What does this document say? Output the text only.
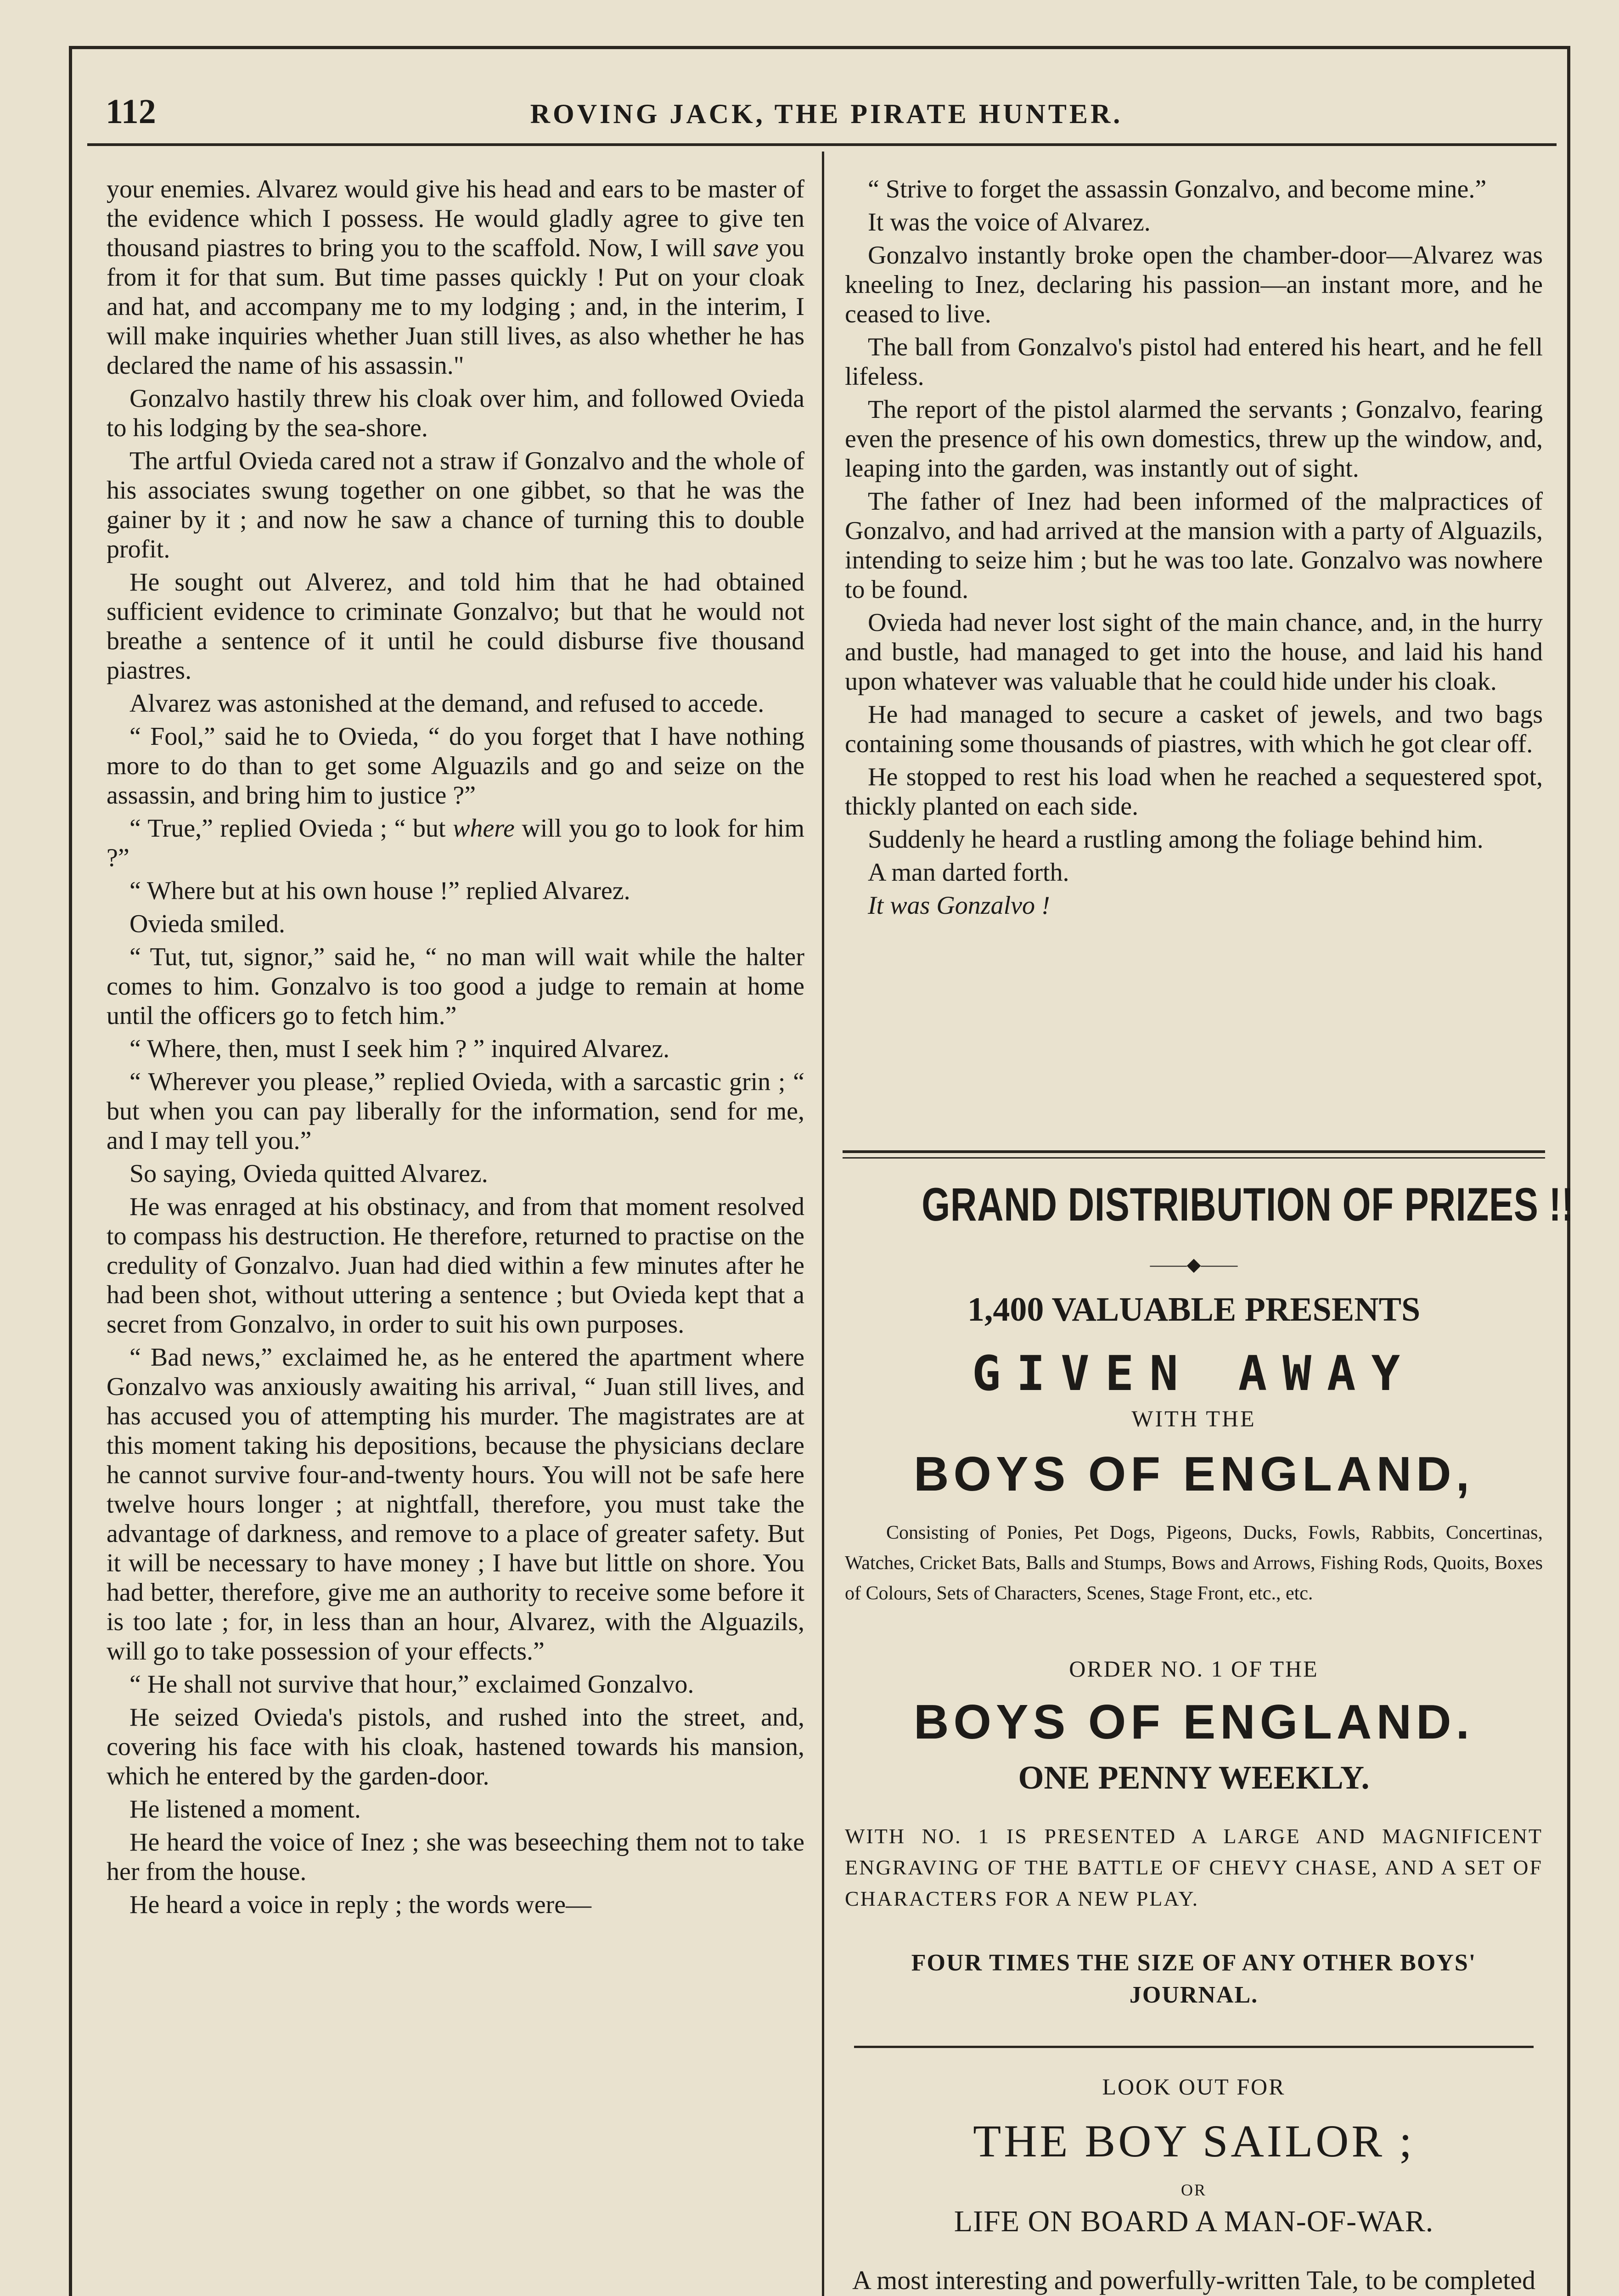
112	ROVING JACK, THE PIRATE HUNTER.

your enemies. Alvarez would give his head and ears to be master of the evidence which I possess. He would gladly agree to give ten thousand piastres to bring you to the scaffold. Now, I will save you from it for that sum. But time passes quickly ! Put on your cloak and hat, and accompany me to my lodging ; and, in the interim, I will make inquiries whether Juan still lives, as also whether he has declared the name of his assassin."

Gonzalvo hastily threw his cloak over him, and followed Ovieda to his lodging by the sea-shore.

The artful Ovieda cared not a straw if Gonzalvo and the whole of his associates swung together on one gibbet, so that he was the gainer by it ; and now he saw a chance of turning this to double profit.

He sought out Alverez, and told him that he had obtained sufficient evidence to criminate Gonzalvo; but that he would not breathe a sentence of it until he could disburse five thousand piastres.

Alvarez was astonished at the demand, and refused to accede.

“ Fool,” said he to Ovieda, “ do you forget that I have nothing more to do than to get some Alguazils and go and seize on the assassin, and bring him to justice ?”

“ True,” replied Ovieda ; “ but where will you go to look for him ?”

“ Where but at his own house !” replied Alvarez.

Ovieda smiled.

“ Tut, tut, signor,” said he, “ no man will wait while the halter comes to him. Gonzalvo is too good a judge to remain at home until the officers go to fetch him.”

“ Where, then, must I seek him ? ” inquired Alvarez.

“ Wherever you please,” replied Ovieda, with a sarcastic grin ; “ but when you can pay liberally for the information, send for me, and I may tell you.”

So saying, Ovieda quitted Alvarez.

He was enraged at his obstinacy, and from that moment resolved to compass his destruction. He therefore, returned to practise on the credulity of Gonzalvo. Juan had died within a few minutes after he had been shot, without uttering a sentence ; but Ovieda kept that a secret from Gonzalvo, in order to suit his own purposes.

“ Bad news,” exclaimed he, as he entered the apartment where Gonzalvo was anxiously awaiting his arrival, “ Juan still lives, and has accused you of attempting his murder. The magistrates are at this moment taking his depositions, because the physicians declare he cannot survive four-and-twenty hours. You will not be safe here twelve hours longer ; at nightfall, therefore, you must take the advantage of darkness, and remove to a place of greater safety. But it will be necessary to have money ; I have but little on shore. You had better, therefore, give me an authority to receive some before it is too late ; for, in less than an hour, Alvarez, with the Alguazils, will go to take possession of your effects.”

“ He shall not survive that hour,” exclaimed Gonzalvo.

He seized Ovieda's pistols, and rushed into the street, and, covering his face with his cloak, hastened towards his mansion, which he entered by the garden-door.

He listened a moment.

He heard the voice of Inez ; she was beseeching them not to take her from the house.

He heard a voice in reply ; the words were—

“ Strive to forget the assassin Gonzalvo, and become mine.”

It was the voice of Alvarez.

Gonzalvo instantly broke open the chamber-door—Alvarez was kneeling to Inez, declaring his passion—an instant more, and he ceased to live.

The ball from Gonzalvo's pistol had entered his heart, and he fell lifeless.

The report of the pistol alarmed the servants ; Gonzalvo, fearing even the presence of his own domestics, threw up the window, and, leaping into the garden, was instantly out of sight.

The father of Inez had been informed of the malpractices of Gonzalvo, and had arrived at the mansion with a party of Alguazils, intending to seize him ; but he was too late. Gonzalvo was nowhere to be found.

Ovieda had never lost sight of the main chance, and, in the hurry and bustle, had managed to get into the house, and laid his hand upon whatever was valuable that he could hide under his cloak.

He had managed to secure a casket of jewels, and two bags containing some thousands of piastres, with which he got clear off.

He stopped to rest his load when he reached a sequestered spot, thickly planted on each side.

Suddenly he heard a rustling among the foliage behind him.

A man darted forth.

It was Gonzalvo !

GRAND DISTRIBUTION OF PRIZES !!
——◆——
1,400 VALUABLE PRESENTS
GIVEN AWAY
WITH THE
BOYS OF ENGLAND,
Consisting of Ponies, Pet Dogs, Pigeons, Ducks, Fowls, Rabbits, Concertinas, Watches, Cricket Bats, Balls and Stumps, Bows and Arrows, Fishing Rods, Quoits, Boxes of Colours, Sets of Characters, Scenes, Stage Front, etc., etc.
ORDER NO. 1 OF THE
BOYS OF ENGLAND.
ONE PENNY WEEKLY.
WITH NO. 1 IS PRESENTED A LARGE AND MAGNIFICENT ENGRAVING OF THE BATTLE OF CHEVY CHASE, AND A SET OF CHARACTERS FOR A NEW PLAY.
FOUR TIMES THE SIZE OF ANY OTHER BOYS' JOURNAL.
LOOK OUT FOR
THE BOY SAILOR ;
OR
LIFE ON BOARD A MAN-OF-WAR.
A most interesting and powerfully-written Tale, to be completed
